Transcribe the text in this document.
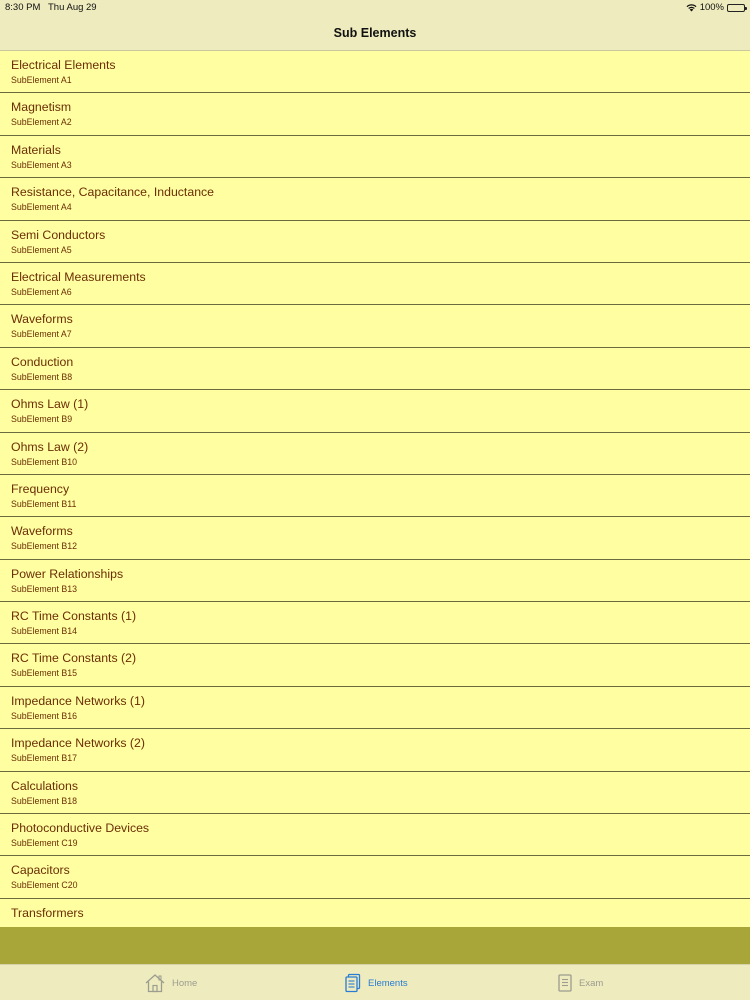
8:30 PM Thu Aug 29	100%
Sub Elements
Electrical Elements
SubElement A1
Magnetism
SubElement A2
Materials
SubElement A3
Resistance, Capacitance, Inductance
SubElement A4
Semi Conductors
SubElement A5
Electrical Measurements
SubElement A6
Waveforms
SubElement A7
Conduction
SubElement B8
Ohms Law (1)
SubElement B9
Ohms Law (2)
SubElement B10
Frequency
SubElement B11
Waveforms
SubElement B12
Power Relationships
SubElement B13
RC Time Constants (1)
SubElement B14
RC Time Constants (2)
SubElement B15
Impedance Networks (1)
SubElement B16
Impedance Networks (2)
SubElement B17
Calculations
SubElement B18
Photoconductive Devices
SubElement C19
Capacitors
SubElement C20
Transformers
Home	Elements	Exam
